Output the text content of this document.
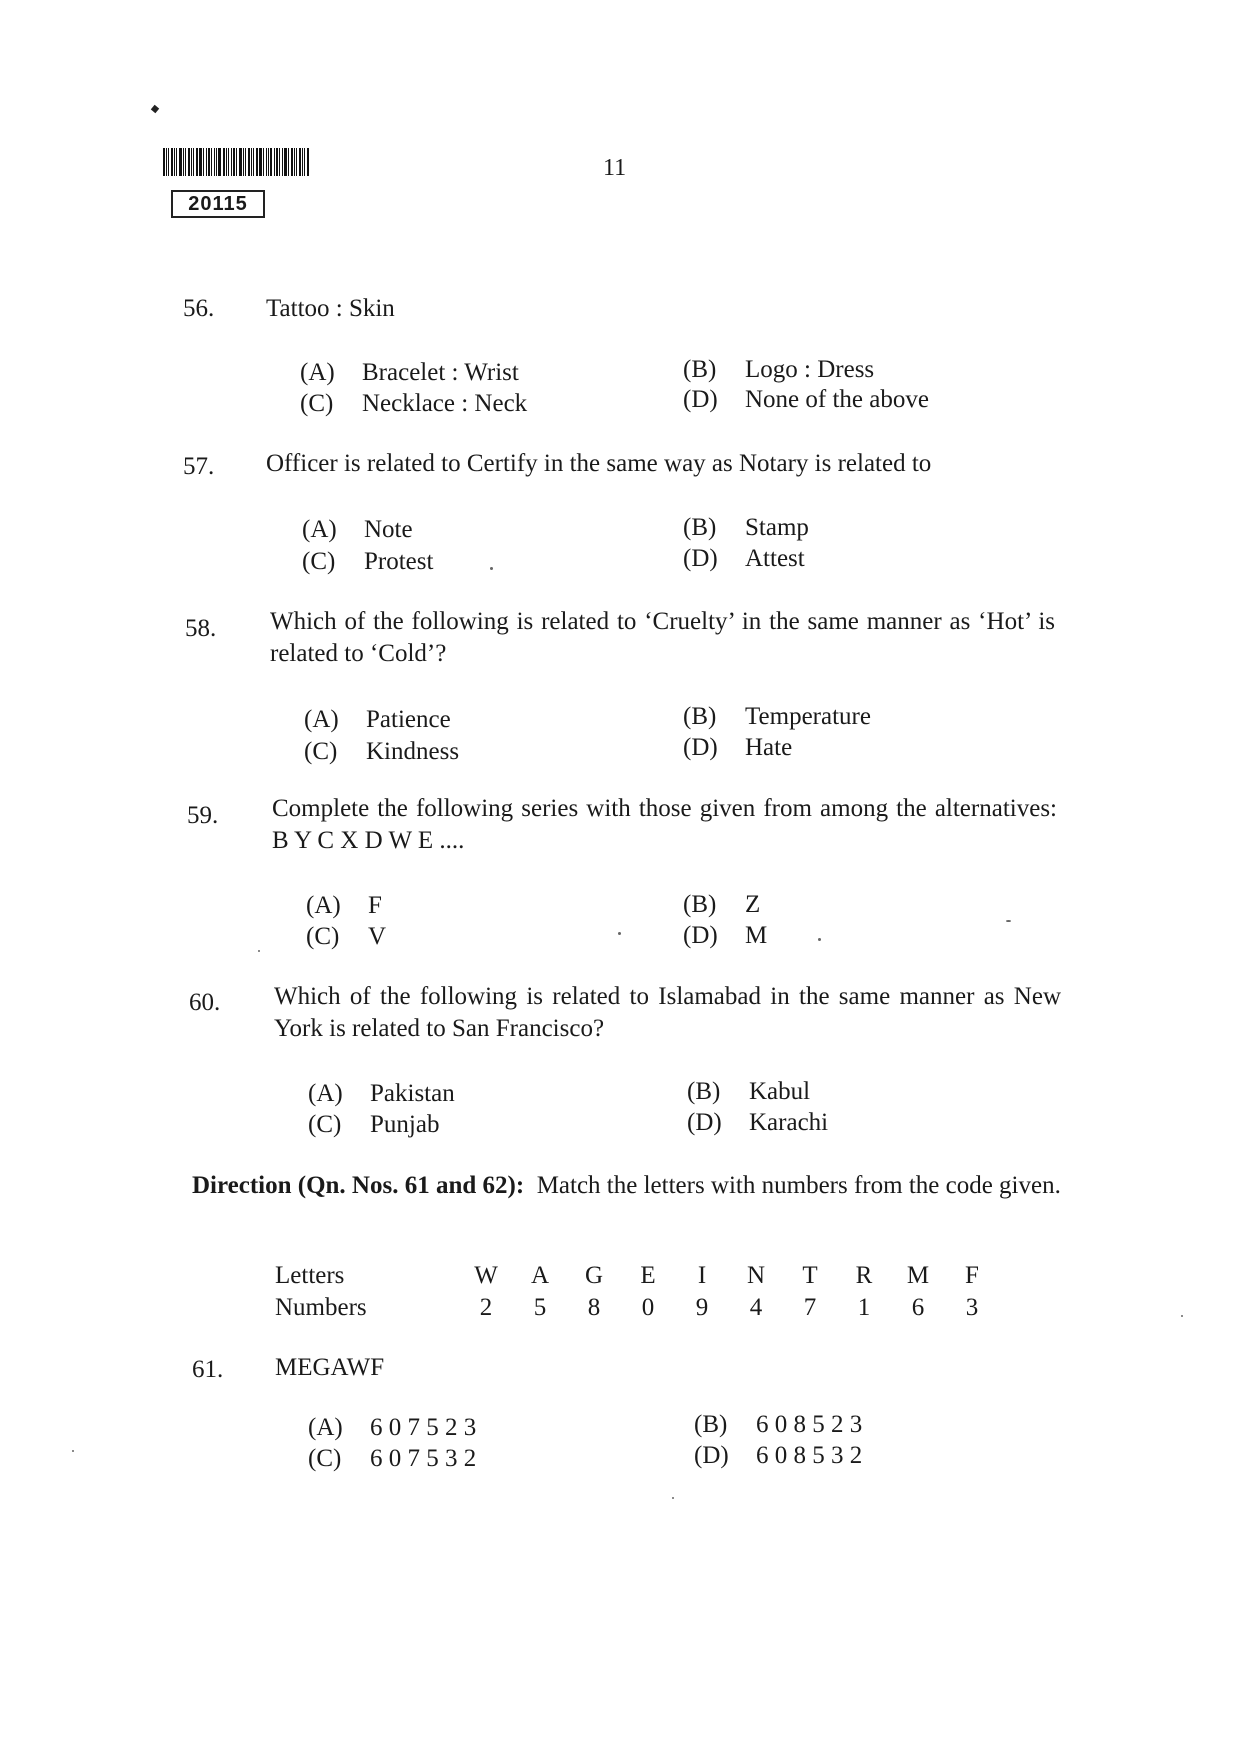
20115
11
56. Tattoo : Skin
(A) Bracelet : Wrist	(B) Logo : Dress
(C) Necklace : Neck	(D) None of the above
57. Officer is related to Certify in the same way as Notary is related to
(A) Note	(B) Stamp
(C) Protest	(D) Attest
58. Which of the following is related to ‘Cruelty’ in the same manner as ‘Hot’ is related to ‘Cold’?
(A) Patience	(B) Temperature
(C) Kindness	(D) Hate
59. Complete the following series with those given from among the alternatives: B Y C X D W E ....
(A) F	(B) Z
(C) V	(D) M
60. Which of the following is related to Islamabad in the same manner as New York is related to San Francisco?
(A) Pakistan	(B) Kabul
(C) Punjab	(D) Karachi
Direction (Qn. Nos. 61 and 62): Match the letters with numbers from the code given.
Letters	W	A	G	E	I	N	T	R	M	F
Numbers	2	5	8	0	9	4	7	1	6	3
61. MEGAWF
(A) 6 0 7 5 2 3	(B) 6 0 8 5 2 3
(C) 6 0 7 5 3 2	(D) 6 0 8 5 3 2
